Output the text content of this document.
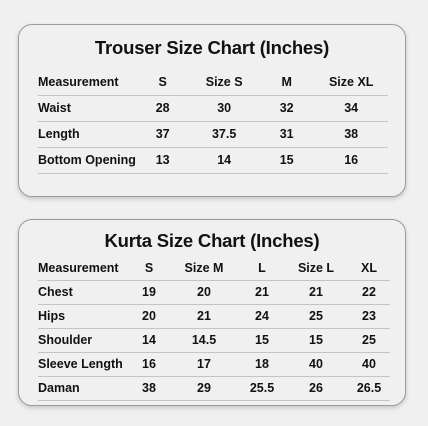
Trouser Size Chart (Inches)
Measurement	S	Size S	M	Size XL
Waist	28	30	32	34
Length	37	37.5	31	38
Bottom Opening	13	14	15	16
Kurta Size Chart (Inches)
Measurement	S	Size M	L	Size L	XL
Chest	19	20	21	21	22
Hips	20	21	24	25	23
Shoulder	14	14.5	15	15	25
Sleeve Length	16	17	18	40	40
Daman	38	29	25.5	26	26.5
